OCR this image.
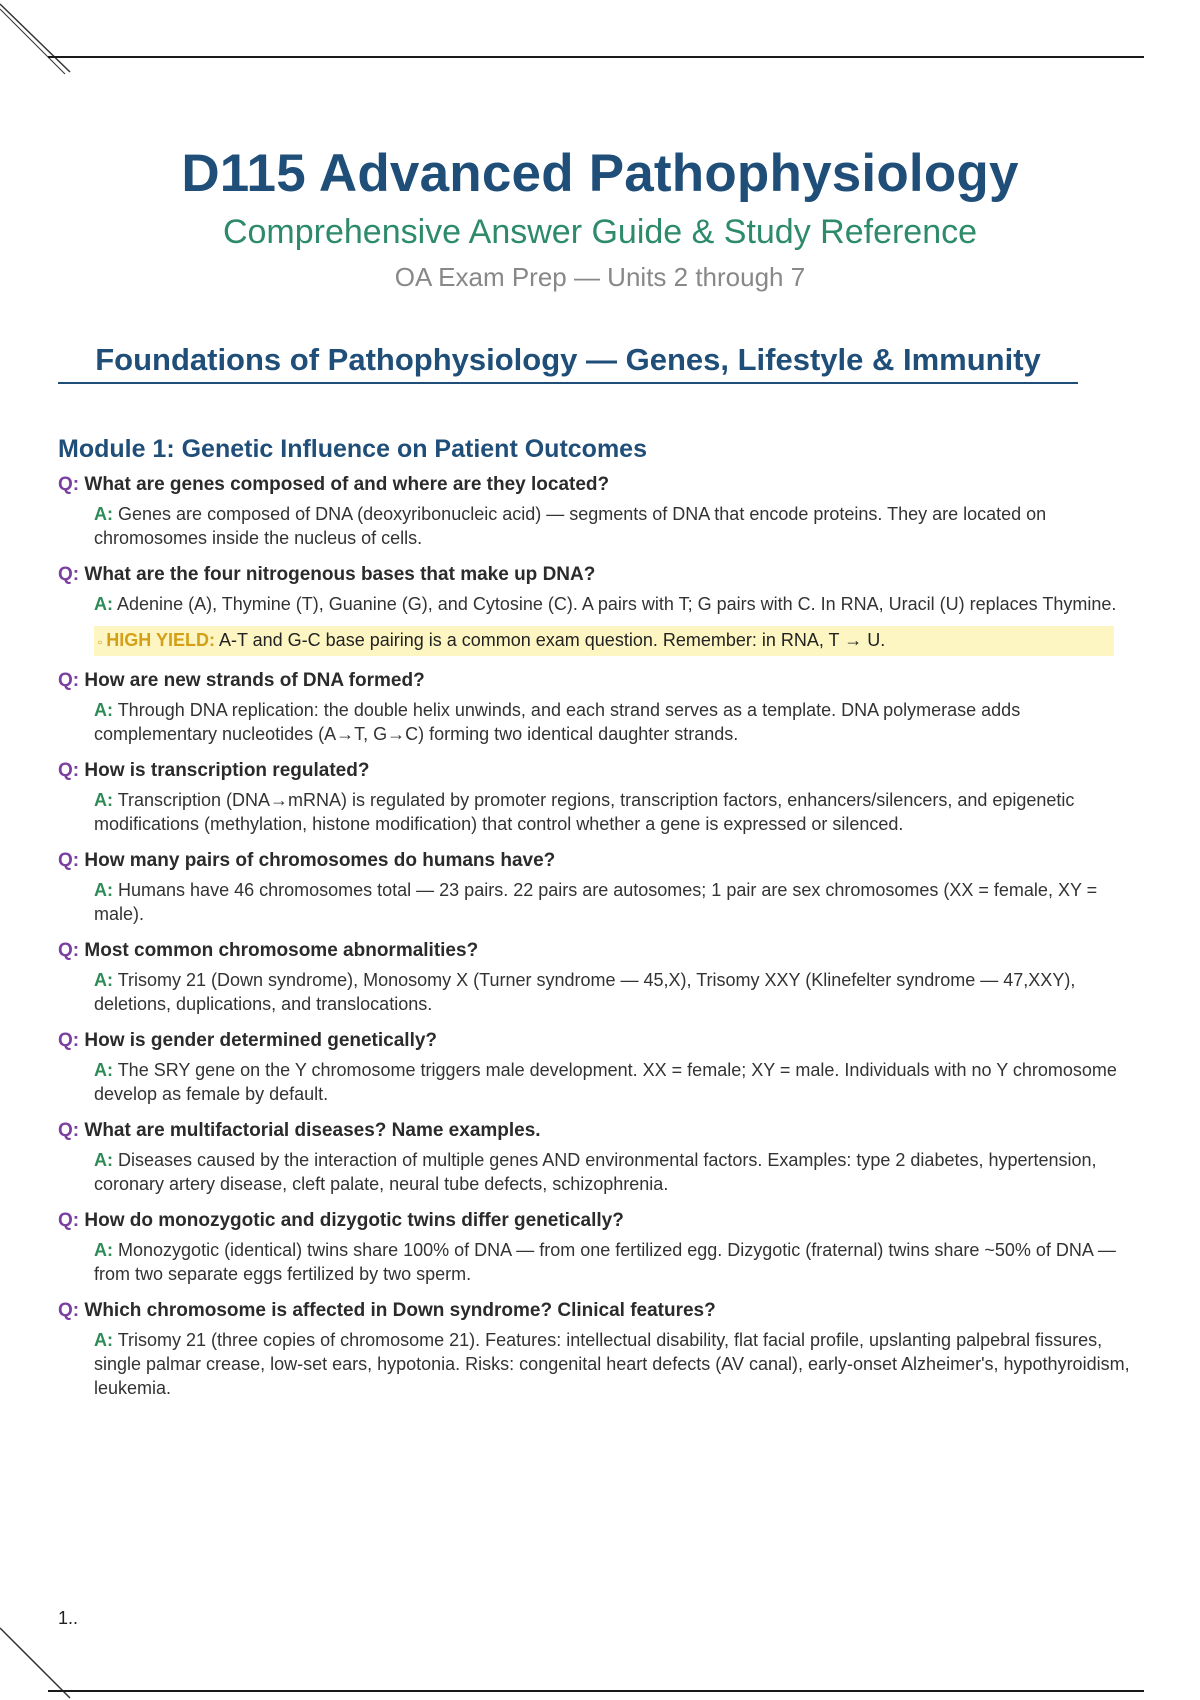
D115 Advanced Pathophysiology

Comprehensive Answer Guide & Study Reference

OA Exam Prep — Units 2 through 7

Foundations of Pathophysiology — Genes, Lifestyle & Immunity
Module 1: Genetic Influence on Patient Outcomes
Q: What are genes composed of and where are they located?
A: Genes are composed of DNA (deoxyribonucleic acid) — segments of DNA that encode proteins. They are located on chromosomes inside the nucleus of cells.
Q: What are the four nitrogenous bases that make up DNA?
A: Adenine (A), Thymine (T), Guanine (G), and Cytosine (C). A pairs with T; G pairs with C. In RNA, Uracil (U) replaces Thymine.
▫ HIGH YIELD: A-T and G-C base pairing is a common exam question. Remember: in RNA, T → U.
Q: How are new strands of DNA formed?
A: Through DNA replication: the double helix unwinds, and each strand serves as a template. DNA polymerase adds complementary nucleotides (A→T, G→C) forming two identical daughter strands.
Q: How is transcription regulated?
A: Transcription (DNA→mRNA) is regulated by promoter regions, transcription factors, enhancers/silencers, and epigenetic modifications (methylation, histone modification) that control whether a gene is expressed or silenced.
Q: How many pairs of chromosomes do humans have?
A: Humans have 46 chromosomes total — 23 pairs. 22 pairs are autosomes; 1 pair are sex chromosomes (XX = female, XY = male).
Q: Most common chromosome abnormalities?
A: Trisomy 21 (Down syndrome), Monosomy X (Turner syndrome — 45,X), Trisomy XXY (Klinefelter syndrome — 47,XXY), deletions, duplications, and translocations.
Q: How is gender determined genetically?
A: The SRY gene on the Y chromosome triggers male development. XX = female; XY = male. Individuals with no Y chromosome develop as female by default.
Q: What are multifactorial diseases? Name examples.
A: Diseases caused by the interaction of multiple genes AND environmental factors. Examples: type 2 diabetes, hypertension, coronary artery disease, cleft palate, neural tube defects, schizophrenia.
Q: How do monozygotic and dizygotic twins differ genetically?
A: Monozygotic (identical) twins share 100% of DNA — from one fertilized egg. Dizygotic (fraternal) twins share ~50% of DNA — from two separate eggs fertilized by two sperm.
Q: Which chromosome is affected in Down syndrome? Clinical features?
A: Trisomy 21 (three copies of chromosome 21). Features: intellectual disability, flat facial profile, upslanting palpebral fissures, single palmar crease, low-set ears, hypotonia. Risks: congenital heart defects (AV canal), early-onset Alzheimer's, hypothyroidism, leukemia.
1..
